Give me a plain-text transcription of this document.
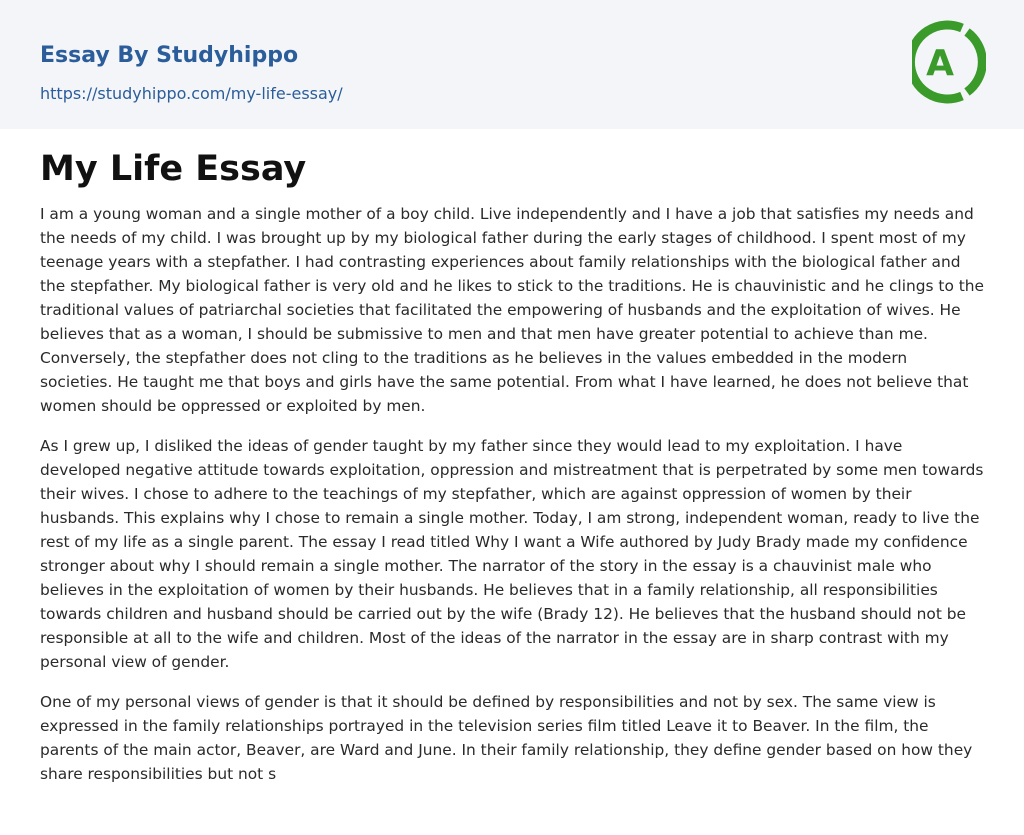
Essay By Studyhippo
https://studyhippo.com/my-life-essay/
A
My Life Essay

I am a young woman and a single mother of a boy child. Live independently and I have a job that satisfies my needs and the needs of my child. I was brought up by my biological father during the early stages of childhood. I spent most of my teenage years with a stepfather. I had contrasting experiences about family relationships with the biological father and the stepfather. My biological father is very old and he likes to stick to the traditions. He is chauvinistic and he clings to the traditional values of patriarchal societies that facilitated the empowering of husbands and the exploitation of wives. He believes that as a woman, I should be submissive to men and that men have greater potential to achieve than me. Conversely, the stepfather does not cling to the traditions as he believes in the values embedded in the modern societies. He taught me that boys and girls have the same potential. From what I have learned, he does not believe that women should be oppressed or exploited by men.

As I grew up, I disliked the ideas of gender taught by my father since they would lead to my exploitation. I have developed negative attitude towards exploitation, oppression and mistreatment that is perpetrated by some men towards their wives. I chose to adhere to the teachings of my stepfather, which are against oppression of women by their husbands. This explains why I chose to remain a single mother. Today, I am strong, independent woman, ready to live the rest of my life as a single parent. The essay I read titled Why I want a Wife authored by Judy Brady made my confidence stronger about why I should remain a single mother. The narrator of the story in the essay is a chauvinist male who believes in the exploitation of women by their husbands. He believes that in a family relationship, all responsibilities towards children and husband should be carried out by the wife (Brady 12). He believes that the husband should not be responsible at all to the wife and children. Most of the ideas of the narrator in the essay are in sharp contrast with my personal view of gender.

One of my personal views of gender is that it should be defined by responsibilities and not by sex. The same view is expressed in the family relationships portrayed in the television series film titled Leave it to Beaver. In the film, the parents of the main actor, Beaver, are Ward and June. In their family relationship, they define gender based on how they share responsibilities but not s
